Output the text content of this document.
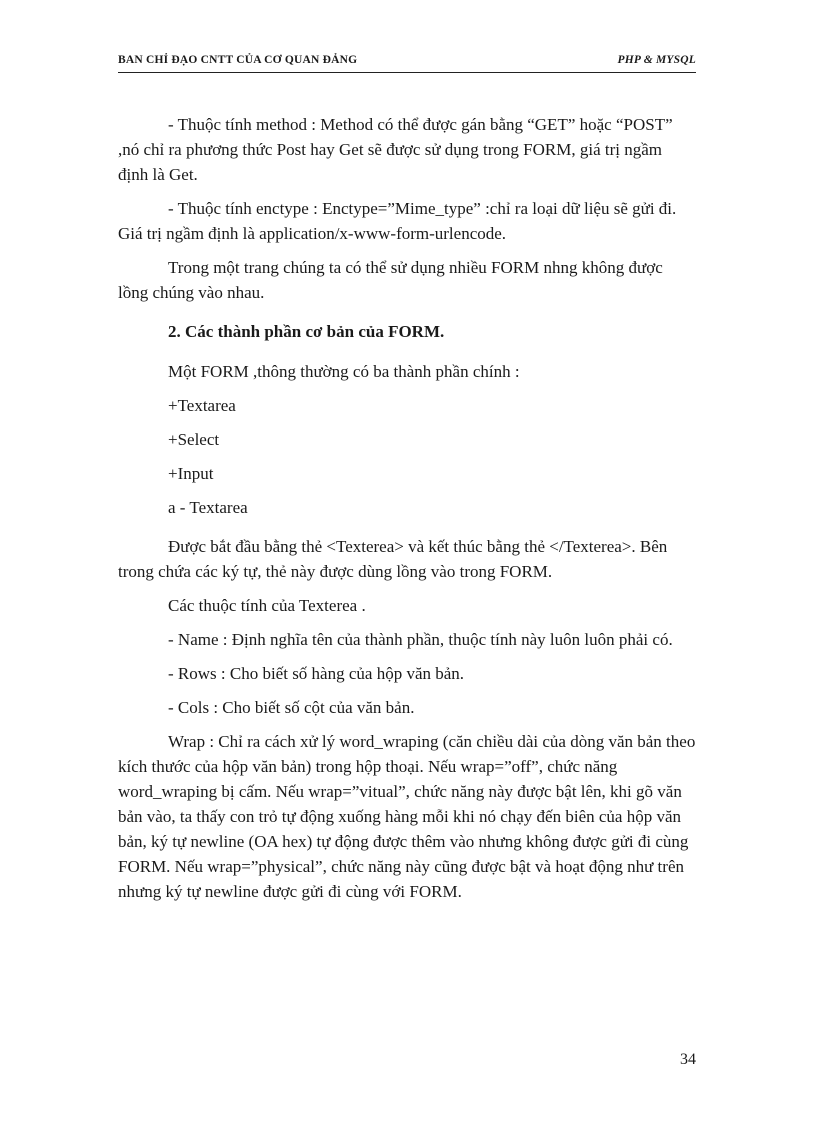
BAN CHỈ ĐẠO CNTT CỦA CƠ QUAN ĐẢNG	PHP & MYSQL

- Thuộc tính method : Method có thể được gán bằng “GET” hoặc “POST” ,nó chỉ ra phương thức Post hay Get sẽ được sử dụng trong FORM, giá trị ngầm định là Get.

- Thuộc tính enctype : Enctype=”Mime_type” :chỉ ra loại dữ liệu sẽ gửi đi. Giá trị ngầm định là application/x-www-form-urlencode.

Trong một trang chúng ta có thể sử dụng nhiều FORM nhng không được lồng chúng vào nhau.

2. Các thành phần cơ bản của FORM.

Một FORM ,thông thường có ba thành phần chính :

+Textarea

+Select

+Input

a - Textarea

Được bắt đầu bằng thẻ <Texterea> và kết thúc bằng thẻ </Texterea>. Bên trong chứa các ký tự, thẻ này được dùng lồng vào trong FORM.

Các thuộc tính của Texterea .

- Name : Định nghĩa tên của thành phần, thuộc tính này luôn luôn phải có.

- Rows : Cho biết số hàng của hộp văn bản.

- Cols : Cho biết số cột của văn bản.

Wrap : Chỉ ra cách xử lý word_wraping (căn chiều dài của dòng văn bản theo kích thước của hộp văn bản) trong hộp thoại. Nếu wrap=”off”, chức năng word_wraping bị cấm. Nếu wrap=”vitual”, chức năng này được bật lên, khi gõ văn bản vào, ta thấy con trỏ tự động xuống hàng mỗi khi nó chạy đến biên của hộp văn bản, ký tự newline (OA hex) tự động được thêm vào nhưng không được gửi đi cùng FORM. Nếu wrap=”physical”, chức năng này cũng được bật và hoạt động như trên nhưng ký tự newline được gửi đi cùng với FORM.

34
